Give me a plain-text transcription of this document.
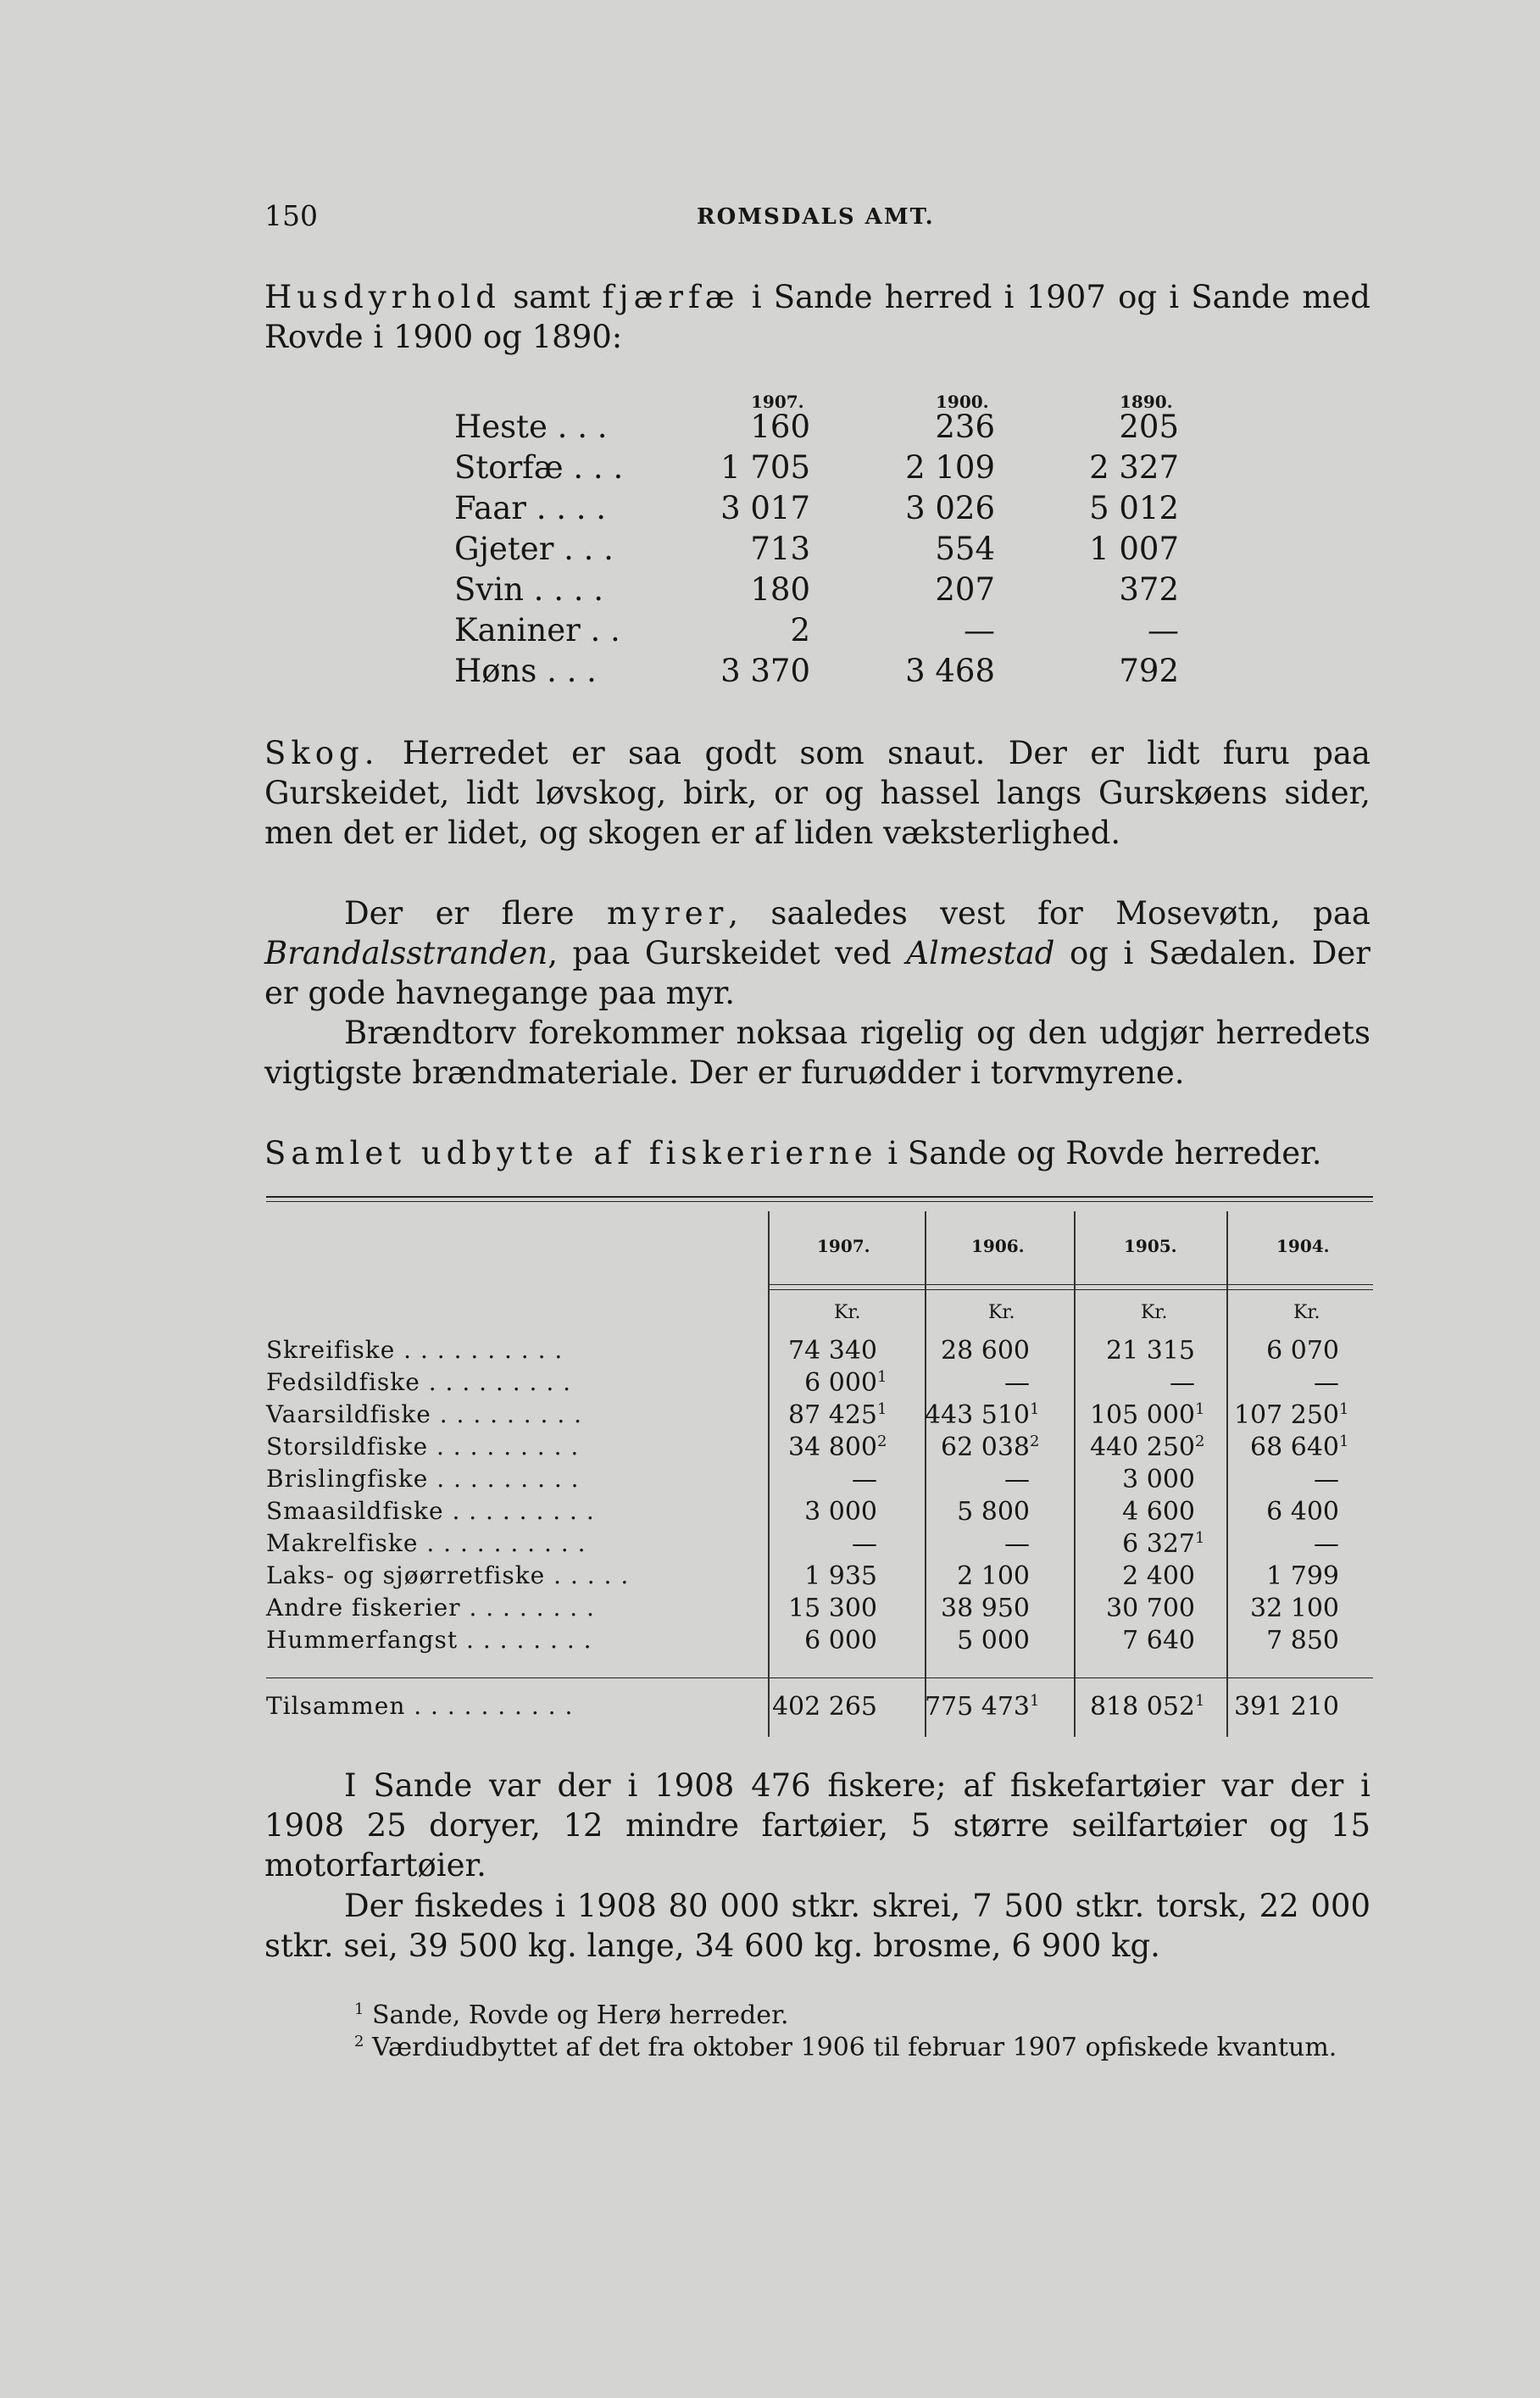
150	ROMSDALS AMT.
Husdyrhold samt fjærfæ i Sande herred i 1907 og i Sande med Rovde i 1900 og 1890:
1907.	1900.	1890.
Heste . . .	160	236	205
Storfæ . . .	1 705	2 109	2 327
Faar . . . .	3 017	3 026	5 012
Gjeter . . .	713	554	1 007
Svin . . . .	180	207	372
Kaniner . .	2	—	—
Høns . . .	3 370	3 468	792
Skog. Herredet er saa godt som snaut. Der er lidt furu paa Gurskeidet, lidt løvskog, birk, or og hassel langs Gurskøens sider, men det er lidet, og skogen er af liden væksterlighed.
Der er flere myrer, saaledes vest for Mosevøtn, paa Brandalsstranden, paa Gurskeidet ved Almestad og i Sædalen. Der er gode havnegange paa myr.
Brændtorv forekommer noksaa rigelig og den udgjør herredets vigtigste brændmateriale. Der er furuødder i torvmyrene.
Samlet udbytte af fiskerierne i Sande og Rovde herreder.
1907.	1906.	1905.	1904.
Kr.	Kr.	Kr.	Kr.
Skreifiske . . . . . . . . . .	74 340	28 600	21 315	6 070
Fedsildfiske . . . . . . . . .	6 $000^1$	—	—	—
Vaarsildfiske . . . . . . . . .	87 $425^1$	443 $510^1$	105 $000^1$	107 $250^1$
Storsildfiske . . . . . . . . .	34 $800^2$	62 $038^2$	440 $250^2$	68 $640^1$
Brislingfiske . . . . . . . . .	—	—	3 000	—
Smaasildfiske . . . . . . . . .	3 000	5 800	4 600	6 400
Makrelfiske . . . . . . . . . .	—	—	6 $327^1$	—
Laks- og sjøørretfiske . . . . .	1 935	2 100	2 400	1 799
Andre fiskerier . . . . . . . .	15 300	38 950	30 700	32 100
Hummerfangst . . . . . . . .	6 000	5 000	7 640	7 850
Tilsammen . . . . . . . . . .	402 265	775 $473^1$	818 $052^1$	391 210
I Sande var der i 1908 476 fiskere; af fiskefartøier var der i 1908 25 doryer, 12 mindre fartøier, 5 større seilfartøier og 15 motorfartøier.
Der fiskedes i 1908 80 000 stkr. skrei, 7 500 stkr. torsk, 22 000 stkr. sei, 39 500 kg. lange, 34 600 kg. brosme, 6 900 kg.
$^1$ Sande, Rovde og Herø herreder.
$^2$ Værdiudbyttet af det fra oktober 1906 til februar 1907 opfiskede kvantum.
